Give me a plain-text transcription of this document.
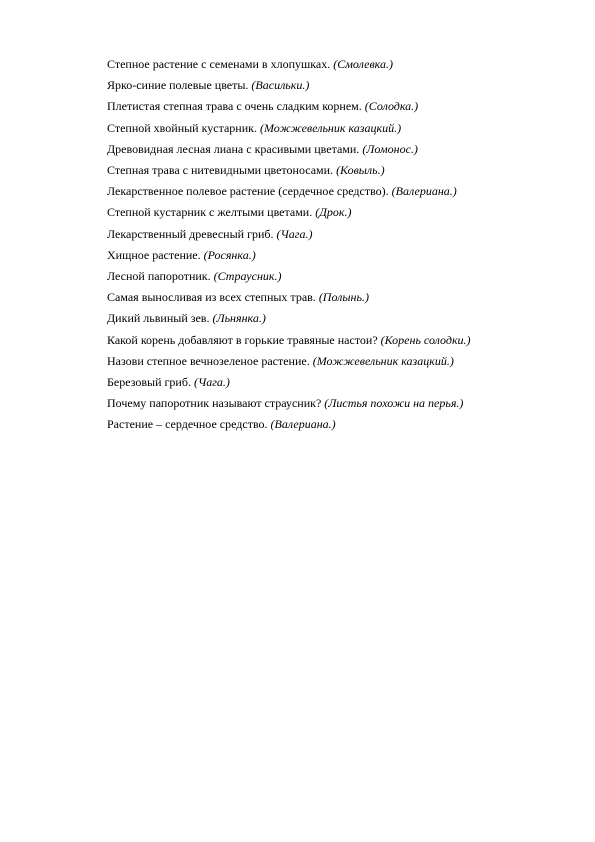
Степное растение с семенами в хлопушках. (Смолевка.)

Ярко-синие полевые цветы. (Васильки.)

Плетистая степная трава с очень сладким корнем. (Солодка.)

Степной хвойный кустарник. (Можжевельник казацкий.)

Древовидная лесная лиана с красивыми цветами. (Ломонос.)

Степная трава с нитевидными цветоносами. (Ковыль.)

Лекарственное полевое растение (сердечное средство). (Валериана.)

Степной кустарник с желтыми цветами. (Дрок.)

Лекарственный древесный гриб. (Чага.)

Хищное растение. (Росянка.)

Лесной папоротник. (Страусник.)

Самая выносливая из всех степных трав. (Полынь.)

Дикий львиный зев. (Льнянка.)

Какой корень добавляют в горькие травяные настои? (Корень солодки.)

Назови степное вечнозеленое растение. (Можжевельник казацкий.)

Березовый гриб. (Чага.)

Почему папоротник называют страусник? (Листья похожи на перья.)

Растение – сердечное средство. (Валериана.)
